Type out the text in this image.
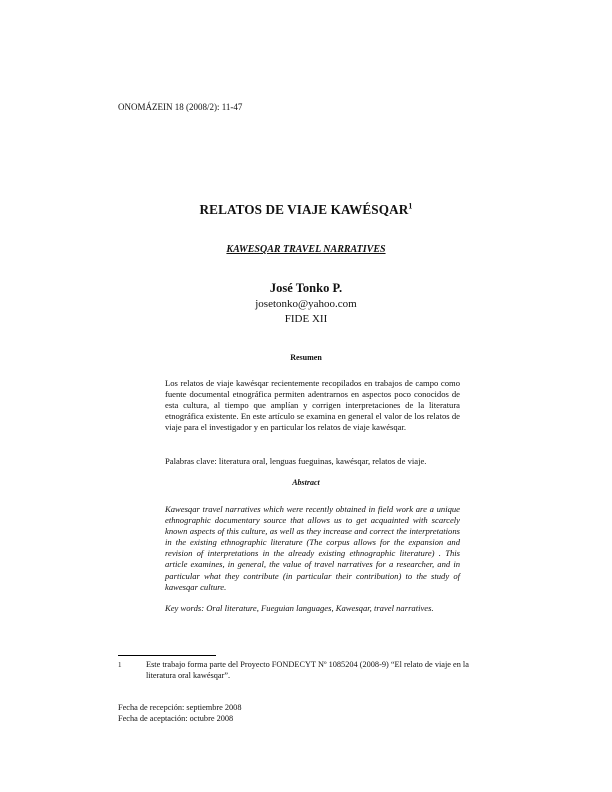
ONOMÁZEIN 18 (2008/2): 11-47
RELATOS DE VIAJE KAWÉSQAR$^1$
KAWESQAR TRAVEL NARRATIVES
José Tonko P.
josetonko@yahoo.com
FIDE XII
Resumen
Los relatos de viaje kawésqar recientemente recopilados en trabajos de campo como fuente documental etnográfica permiten adentrarnos en aspectos poco conocidos de esta cultura, al tiempo que amplían y corrigen interpretaciones de la literatura etnográfica existente. En este artículo se examina en general el valor de los relatos de viaje para el investigador y en particular los relatos de viaje kawésqar.
Palabras clave: literatura oral, lenguas fueguinas, kawésqar, relatos de viaje.
Abstract
Kawesqar travel narratives which were recently obtained in field work are a unique ethnographic documentary source that allows us to get acquainted with scarcely known aspects of this culture, as well as they increase and correct the interpretations in the existing ethnographic literature (The corpus allows for the expansion and revision of interpretations in the already existing ethnographic literature) . This article examines, in general, the value of travel narratives for a researcher, and in particular what they contribute (in particular their contribution) to the study of kawesqar culture.
Key words: Oral literature, Fueguian languages, Kawesqar, travel narratives.
1	Este trabajo forma parte del Proyecto FONDECYT Nº 1085204 (2008-9) “El relato de viaje en la literatura oral kawésqar”.
Fecha de recepción: septiembre 2008
Fecha de aceptación: octubre 2008
